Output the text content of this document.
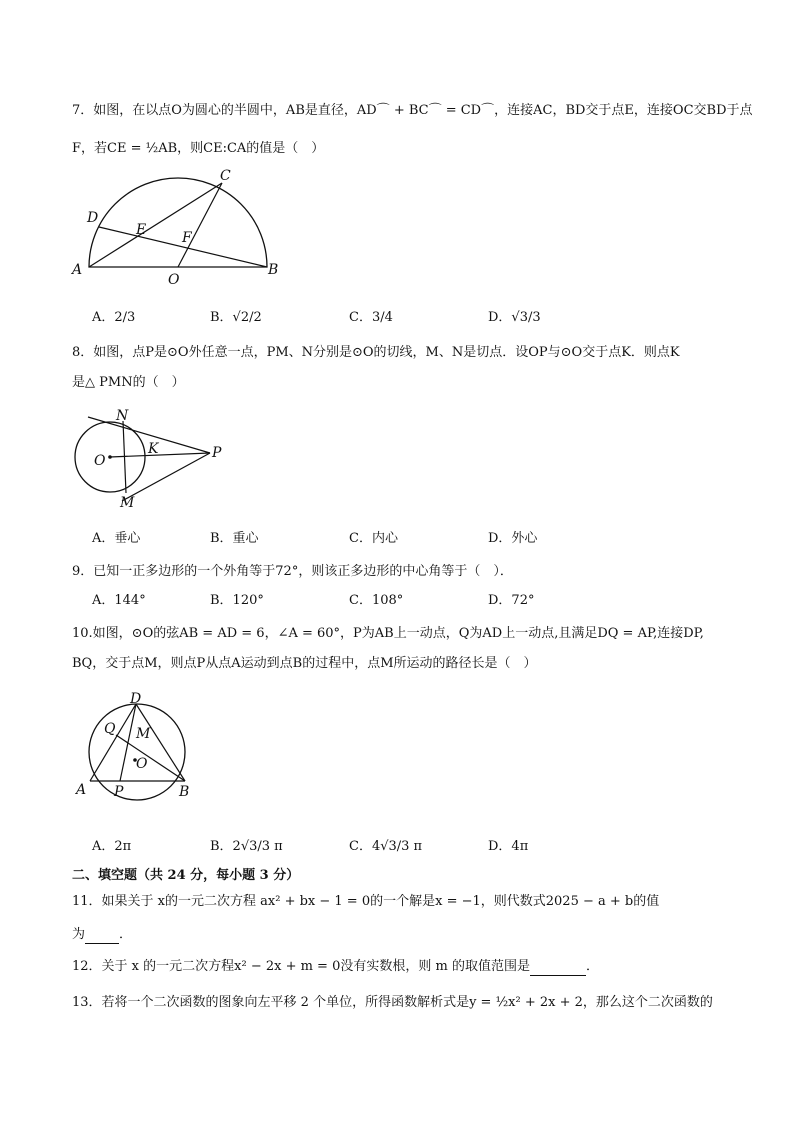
7．如图，在以点O为圆心的半圆中，AB是直径，AD⌒ + BC⌒ = CD⌒，连接AC，BD交于点E，连接OC交BD于点
F，若CE = ½AB，则CE:CA的值是（　）
C
D
E	F
A
O
B
A．2/3	B．√2/2	C．3/4	D．√3/3
8．如图，点P是⊙O外任意一点，PM、N分别是⊙O的切线，M、N是切点．设OP与⊙O交于点K．则点K
是△ PMN的（　）
N
K
O	P
M
A．垂心	B．重心	C．内心	D．外心
9．已知一正多边形的一个外角等于72°，则该正多边形的中心角等于（　）．
A．144°	B．120°	C．108°	D．72°
10.如图，⊙O的弦AB = AD = 6，∠A = 60°，P为AB上一动点，Q为AD上一动点,且满足DQ = AP,连接DP,
BQ，交于点M，则点P从点A运动到点B的过程中，点M所运动的路径长是（　）
D
Q M
O
A P	B
A．2π	B．2√3/3 π	C．4√3/3 π	D．4π
二、填空题（共 24 分，每小题 3 分）
11．如果关于 x的一元二次方程 ax² + bx − 1 = 0的一个解是x = −1，则代数式2025 − a + b的值
为	．
12．关于 x 的一元二次方程x² − 2x + m = 0没有实数根，则 m 的取值范围是	．
13．若将一个二次函数的图象向左平移 2 个单位，所得函数解析式是y = ½x² + 2x + 2，那么这个二次函数的
